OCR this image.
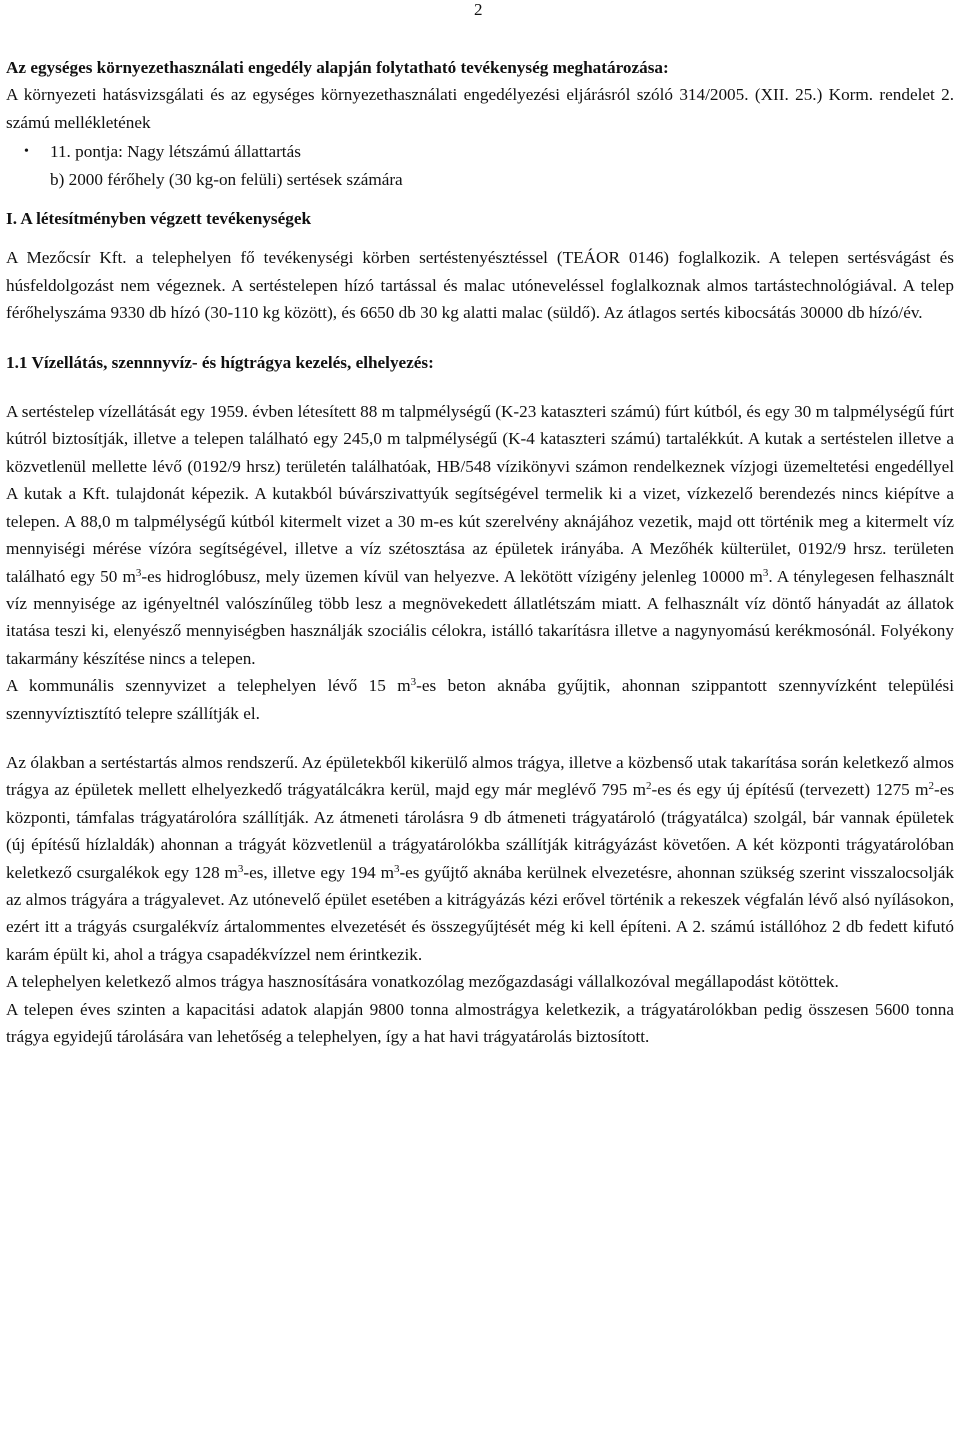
2

Az egységes környezethasználati engedély alapján folytatható tevékenység meghatározása:

A környezeti hatásvizsgálati és az egységes környezethasználati engedélyezési eljárásról szóló 314/2005. (XII. 25.) Korm. rendelet 2. számú mellékletének

•	11. pontja: Nagy létszámú állattartás

b) 2000 férőhely (30 kg-on felüli) sertések számára

I. A létesítményben végzett tevékenységek

A Mezőcsír Kft. a telephelyen fő tevékenységi körben sertéstenyésztéssel (TEÁOR 0146) foglalkozik. A telepen sertésvágást és húsfeldolgozást nem végeznek. A sertéstelepen hízó tartással és malac utóneveléssel foglalkoznak almos tartástechnológiával. A telep férőhelyszáma 9330 db hízó (30-110 kg között), és 6650 db 30 kg alatti malac (süldő). Az átlagos sertés kibocsátás 30000 db hízó/év.

1.1 Vízellátás, szennnyvíz- és hígtrágya kezelés, elhelyezés:

A sertéstelep vízellátását egy 1959. évben létesített 88 m talpmélységű (K-23 kataszteri számú) fúrt kútból, és egy 30 m talpmélységű fúrt kútról biztosítják, illetve a telepen található egy 245,0 m talpmélységű (K-4 kataszteri számú) tartalékkút. A kutak a sertéstelen illetve a közvetlenül mellette lévő (0192/9 hrsz) területén találhatóak, HB/548 vízikönyvi számon rendelkeznek vízjogi üzemeltetési engedéllyel A kutak a Kft. tulajdonát képezik. A kutakból búvárszivattyúk segítségével termelik ki a vizet, vízkezelő berendezés nincs kiépítve a telepen. A 88,0 m talpmélységű kútból kitermelt vizet a 30 m-es kút szerelvény aknájához vezetik, majd ott történik meg a kitermelt víz mennyiségi mérése vízóra segítségével, illetve a víz szétosztása az épületek irányába. A Mezőhék külterület, 0192/9 hrsz. területen található egy 50 $m^3-es$ hidroglóbusz, mely üzemen kívül van helyezve. A lekötött vízigény jelenleg 10000 $m^3$. A ténylegesen felhasznált víz mennyisége az igényeltnél valószínűleg több lesz a megnövekedett állatlétszám miatt. A felhasznált víz döntő hányadát az állatok itatása teszi ki, elenyésző mennyiségben használják szociális célokra, istálló takarításra illetve a nagynyomású kerékmosónál. Folyékony takarmány készítése nincs a telepen.

A kommunális szennyvizet a telephelyen lévő 15 $m^3-es$ beton aknába gyűjtik, ahonnan szippantott szennyvízként települési szennyvíztisztító telepre szállítják el.

Az ólakban a sertéstartás almos rendszerű. Az épületekből kikerülő almos trágya, illetve a közbenső utak takarítása során keletkező almos trágya az épületek mellett elhelyezkedő trágyatálcákra kerül, majd egy már meglévő 795 $m^2-es$ és egy új építésű (tervezett) 1275 $m^2-es$ központi, támfalas trágyatárolóra szállítják. Az átmeneti tárolásra 9 db átmeneti trágyatároló (trágyatálca) szolgál, bár vannak épületek (új építésű hízlaldák) ahonnan a trágyát közvetlenül a trágyatárolókba szállítják kitrágyázást követően. A két központi trágyatárolóban keletkező csurgalékok egy 128 $m^3-es$, illetve egy 194 $m^3-es$ gyűjtő aknába kerülnek elvezetésre, ahonnan szükség szerint visszalocsolják az almos trágyára a trágyalevet. Az utónevelő épület esetében a kitrágyázás kézi erővel történik a rekeszek végfalán lévő alsó nyílásokon, ezért itt a trágyás csurgalékvíz ártalommentes elvezetését és összegyűjtését még ki kell építeni. A 2. számú istállóhoz 2 db fedett kifutó karám épült ki, ahol a trágya csapadékvízzel nem érintkezik.

A telephelyen keletkező almos trágya hasznosítására vonatkozólag mezőgazdasági vállalkozóval megállapodást kötöttek.

A telepen éves szinten a kapacitási adatok alapján 9800 tonna almostrágya keletkezik, a trágyatárolókban pedig összesen 5600 tonna trágya egyidejű tárolására van lehetőség a telephelyen, így a hat havi trágyatárolás biztosított.
